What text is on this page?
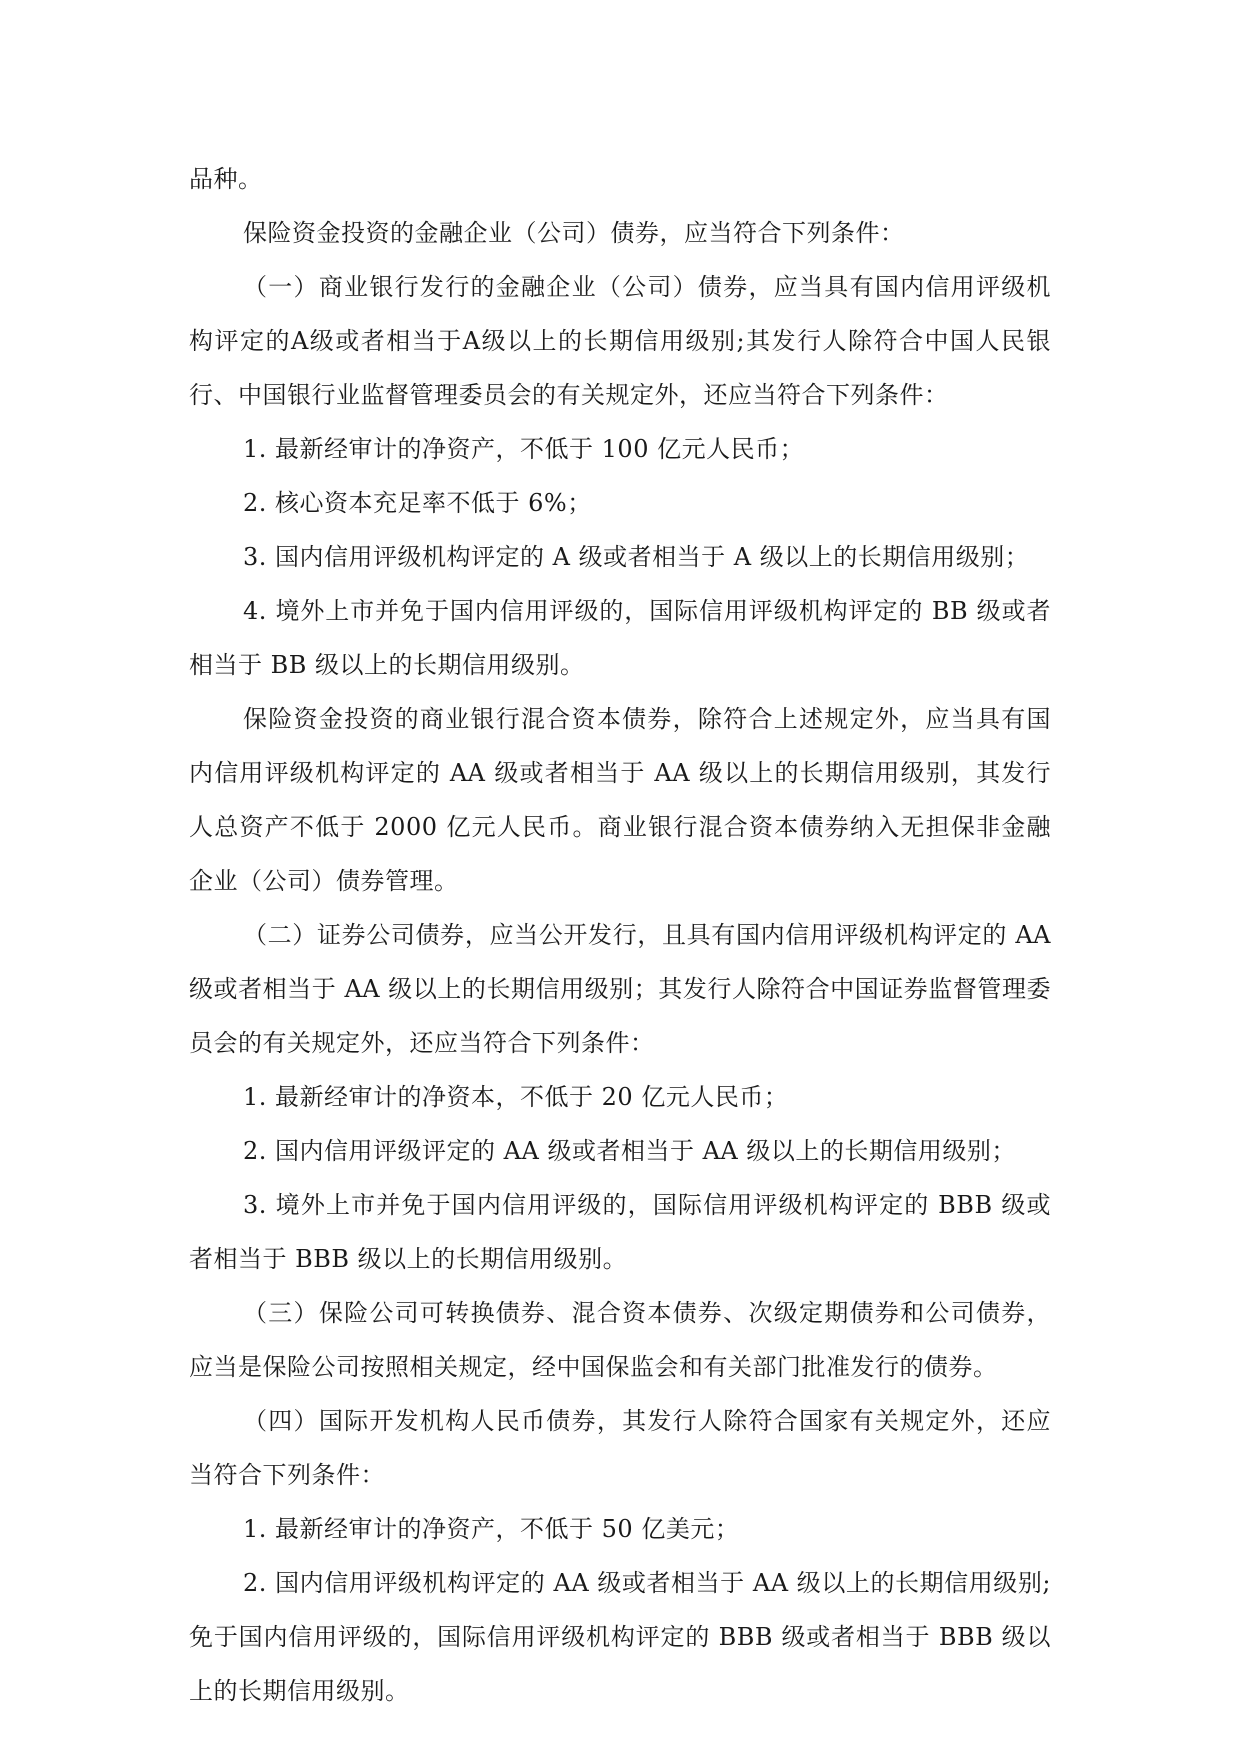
品种。

保险资金投资的金融企业（公司）债券，应当符合下列条件：

（一）商业银行发行的金融企业（公司）债券，应当具有国内信用评级机构评定的A级或者相当于A级以上的长期信用级别;其发行人除符合中国人民银行、中国银行业监督管理委员会的有关规定外，还应当符合下列条件：

1. 最新经审计的净资产，不低于 100 亿元人民币；

2. 核心资本充足率不低于 6%；

3. 国内信用评级机构评定的 A 级或者相当于 A 级以上的长期信用级别；

4. 境外上市并免于国内信用评级的，国际信用评级机构评定的 BB 级或者相当于 BB 级以上的长期信用级别。

保险资金投资的商业银行混合资本债券，除符合上述规定外，应当具有国内信用评级机构评定的 AA 级或者相当于 AA 级以上的长期信用级别，其发行人总资产不低于 2000 亿元人民币。商业银行混合资本债券纳入无担保非金融企业（公司）债券管理。

（二）证券公司债券，应当公开发行，且具有国内信用评级机构评定的 AA 级或者相当于 AA 级以上的长期信用级别；其发行人除符合中国证券监督管理委员会的有关规定外，还应当符合下列条件：

1. 最新经审计的净资本，不低于 20 亿元人民币；

2. 国内信用评级评定的 AA 级或者相当于 AA 级以上的长期信用级别；

3. 境外上市并免于国内信用评级的，国际信用评级机构评定的 BBB 级或者相当于 BBB 级以上的长期信用级别。

（三）保险公司可转换债券、混合资本债券、次级定期债券和公司债券，应当是保险公司按照相关规定，经中国保监会和有关部门批准发行的债券。

（四）国际开发机构人民币债券，其发行人除符合国家有关规定外，还应当符合下列条件：

1. 最新经审计的净资产，不低于 50 亿美元；

2. 国内信用评级机构评定的 AA 级或者相当于 AA 级以上的长期信用级别;免于国内信用评级的，国际信用评级机构评定的 BBB 级或者相当于 BBB 级以上的长期信用级别。
